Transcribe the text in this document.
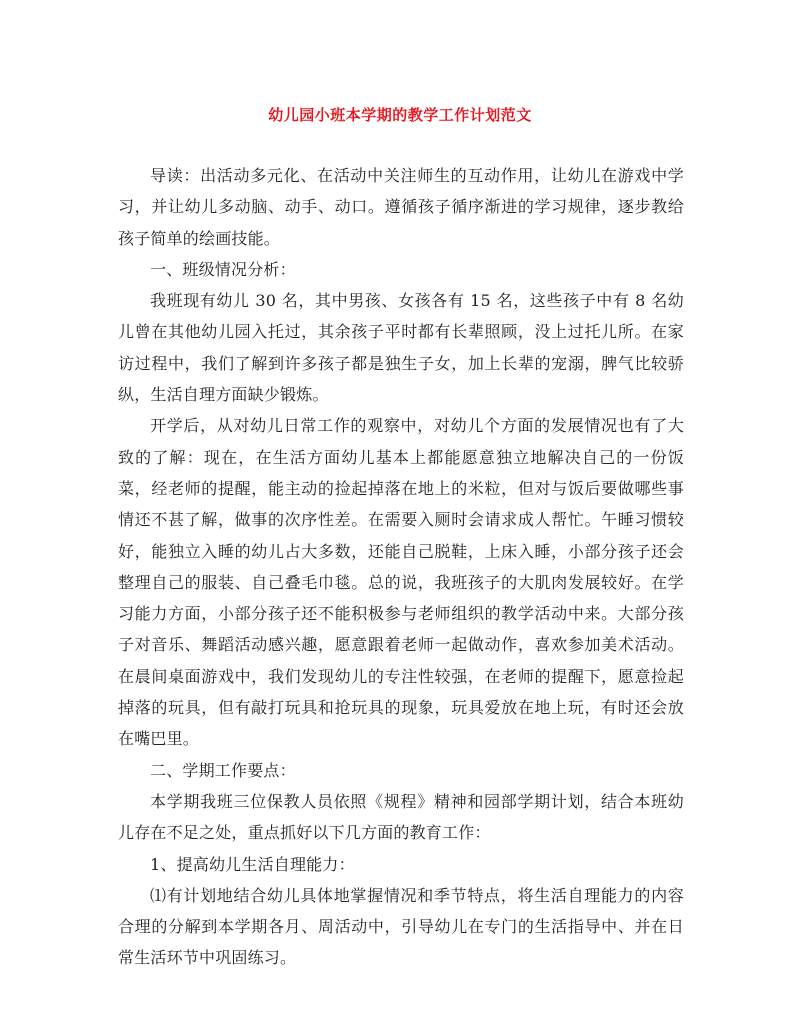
幼儿园小班本学期的教学工作计划范文

导读：出活动多元化、在活动中关注师生的互动作用，让幼儿在游戏中学习，并让幼儿多动脑、动手、动口。遵循孩子循序渐进的学习规律，逐步教给孩子简单的绘画技能。

一、班级情况分析：

我班现有幼儿 30 名，其中男孩、女孩各有 15 名，这些孩子中有 8 名幼儿曾在其他幼儿园入托过，其余孩子平时都有长辈照顾，没上过托儿所。在家访过程中，我们了解到许多孩子都是独生子女，加上长辈的宠溺，脾气比较骄纵，生活自理方面缺少锻炼。

开学后，从对幼儿日常工作的观察中，对幼儿个方面的发展情况也有了大致的了解：现在，在生活方面幼儿基本上都能愿意独立地解决自己的一份饭菜，经老师的提醒，能主动的捡起掉落在地上的米粒，但对与饭后要做哪些事情还不甚了解，做事的次序性差。在需要入厕时会请求成人帮忙。午睡习惯较好，能独立入睡的幼儿占大多数，还能自己脱鞋，上床入睡，小部分孩子还会整理自己的服装、自己叠毛巾毯。总的说，我班孩子的大肌肉发展较好。在学习能力方面，小部分孩子还不能积极参与老师组织的教学活动中来。大部分孩子对音乐、舞蹈活动感兴趣，愿意跟着老师一起做动作，喜欢参加美术活动。在晨间桌面游戏中，我们发现幼儿的专注性较强，在老师的提醒下，愿意捡起掉落的玩具，但有敲打玩具和抢玩具的现象，玩具爱放在地上玩，有时还会放在嘴巴里。

二、学期工作要点：

本学期我班三位保教人员依照《规程》精神和园部学期计划，结合本班幼儿存在不足之处，重点抓好以下几方面的教育工作：

1、提高幼儿生活自理能力：

⑴有计划地结合幼儿具体地掌握情况和季节特点，将生活自理能力的内容合理的分解到本学期各月、周活动中，引导幼儿在专门的生活指导中、并在日常生活环节中巩固练习。
